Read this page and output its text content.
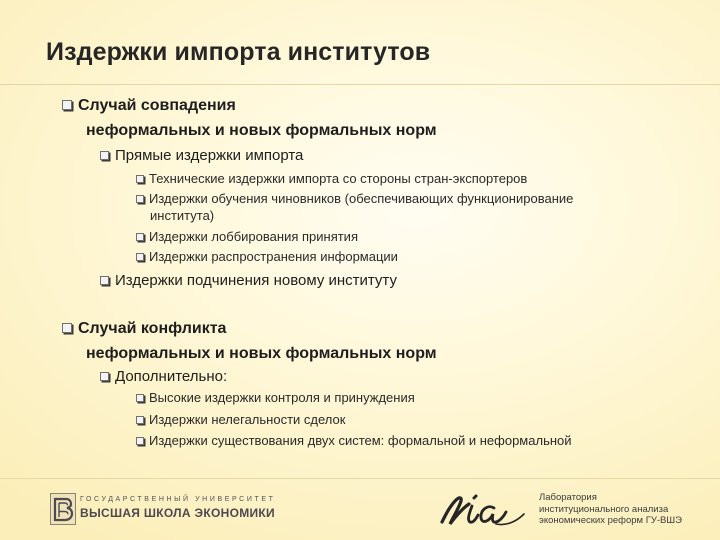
Издержки импорта институтов
Случай совпадения
неформальных и новых формальных норм
Прямые издержки импорта
Технические издержки импорта со стороны стран-экспортеров
Издержки обучения чиновников (обеспечивающих функционирование
института)
Издержки лоббирования принятия
Издержки распространения информации
Издержки подчинения новому институту
Случай конфликта
неформальных и новых формальных норм
Дополнительно:
Высокие издержки контроля и принуждения
Издержки нелегальности сделок
Издержки существования двух систем: формальной и неформальной
ГОСУДАРСТВЕННЫЙ УНИВЕРСИТЕТ
ВЫСШАЯ ШКОЛА ЭКОНОМИКИ
Лаборатория
институционального анализа
экономических реформ ГУ-ВШЭ
